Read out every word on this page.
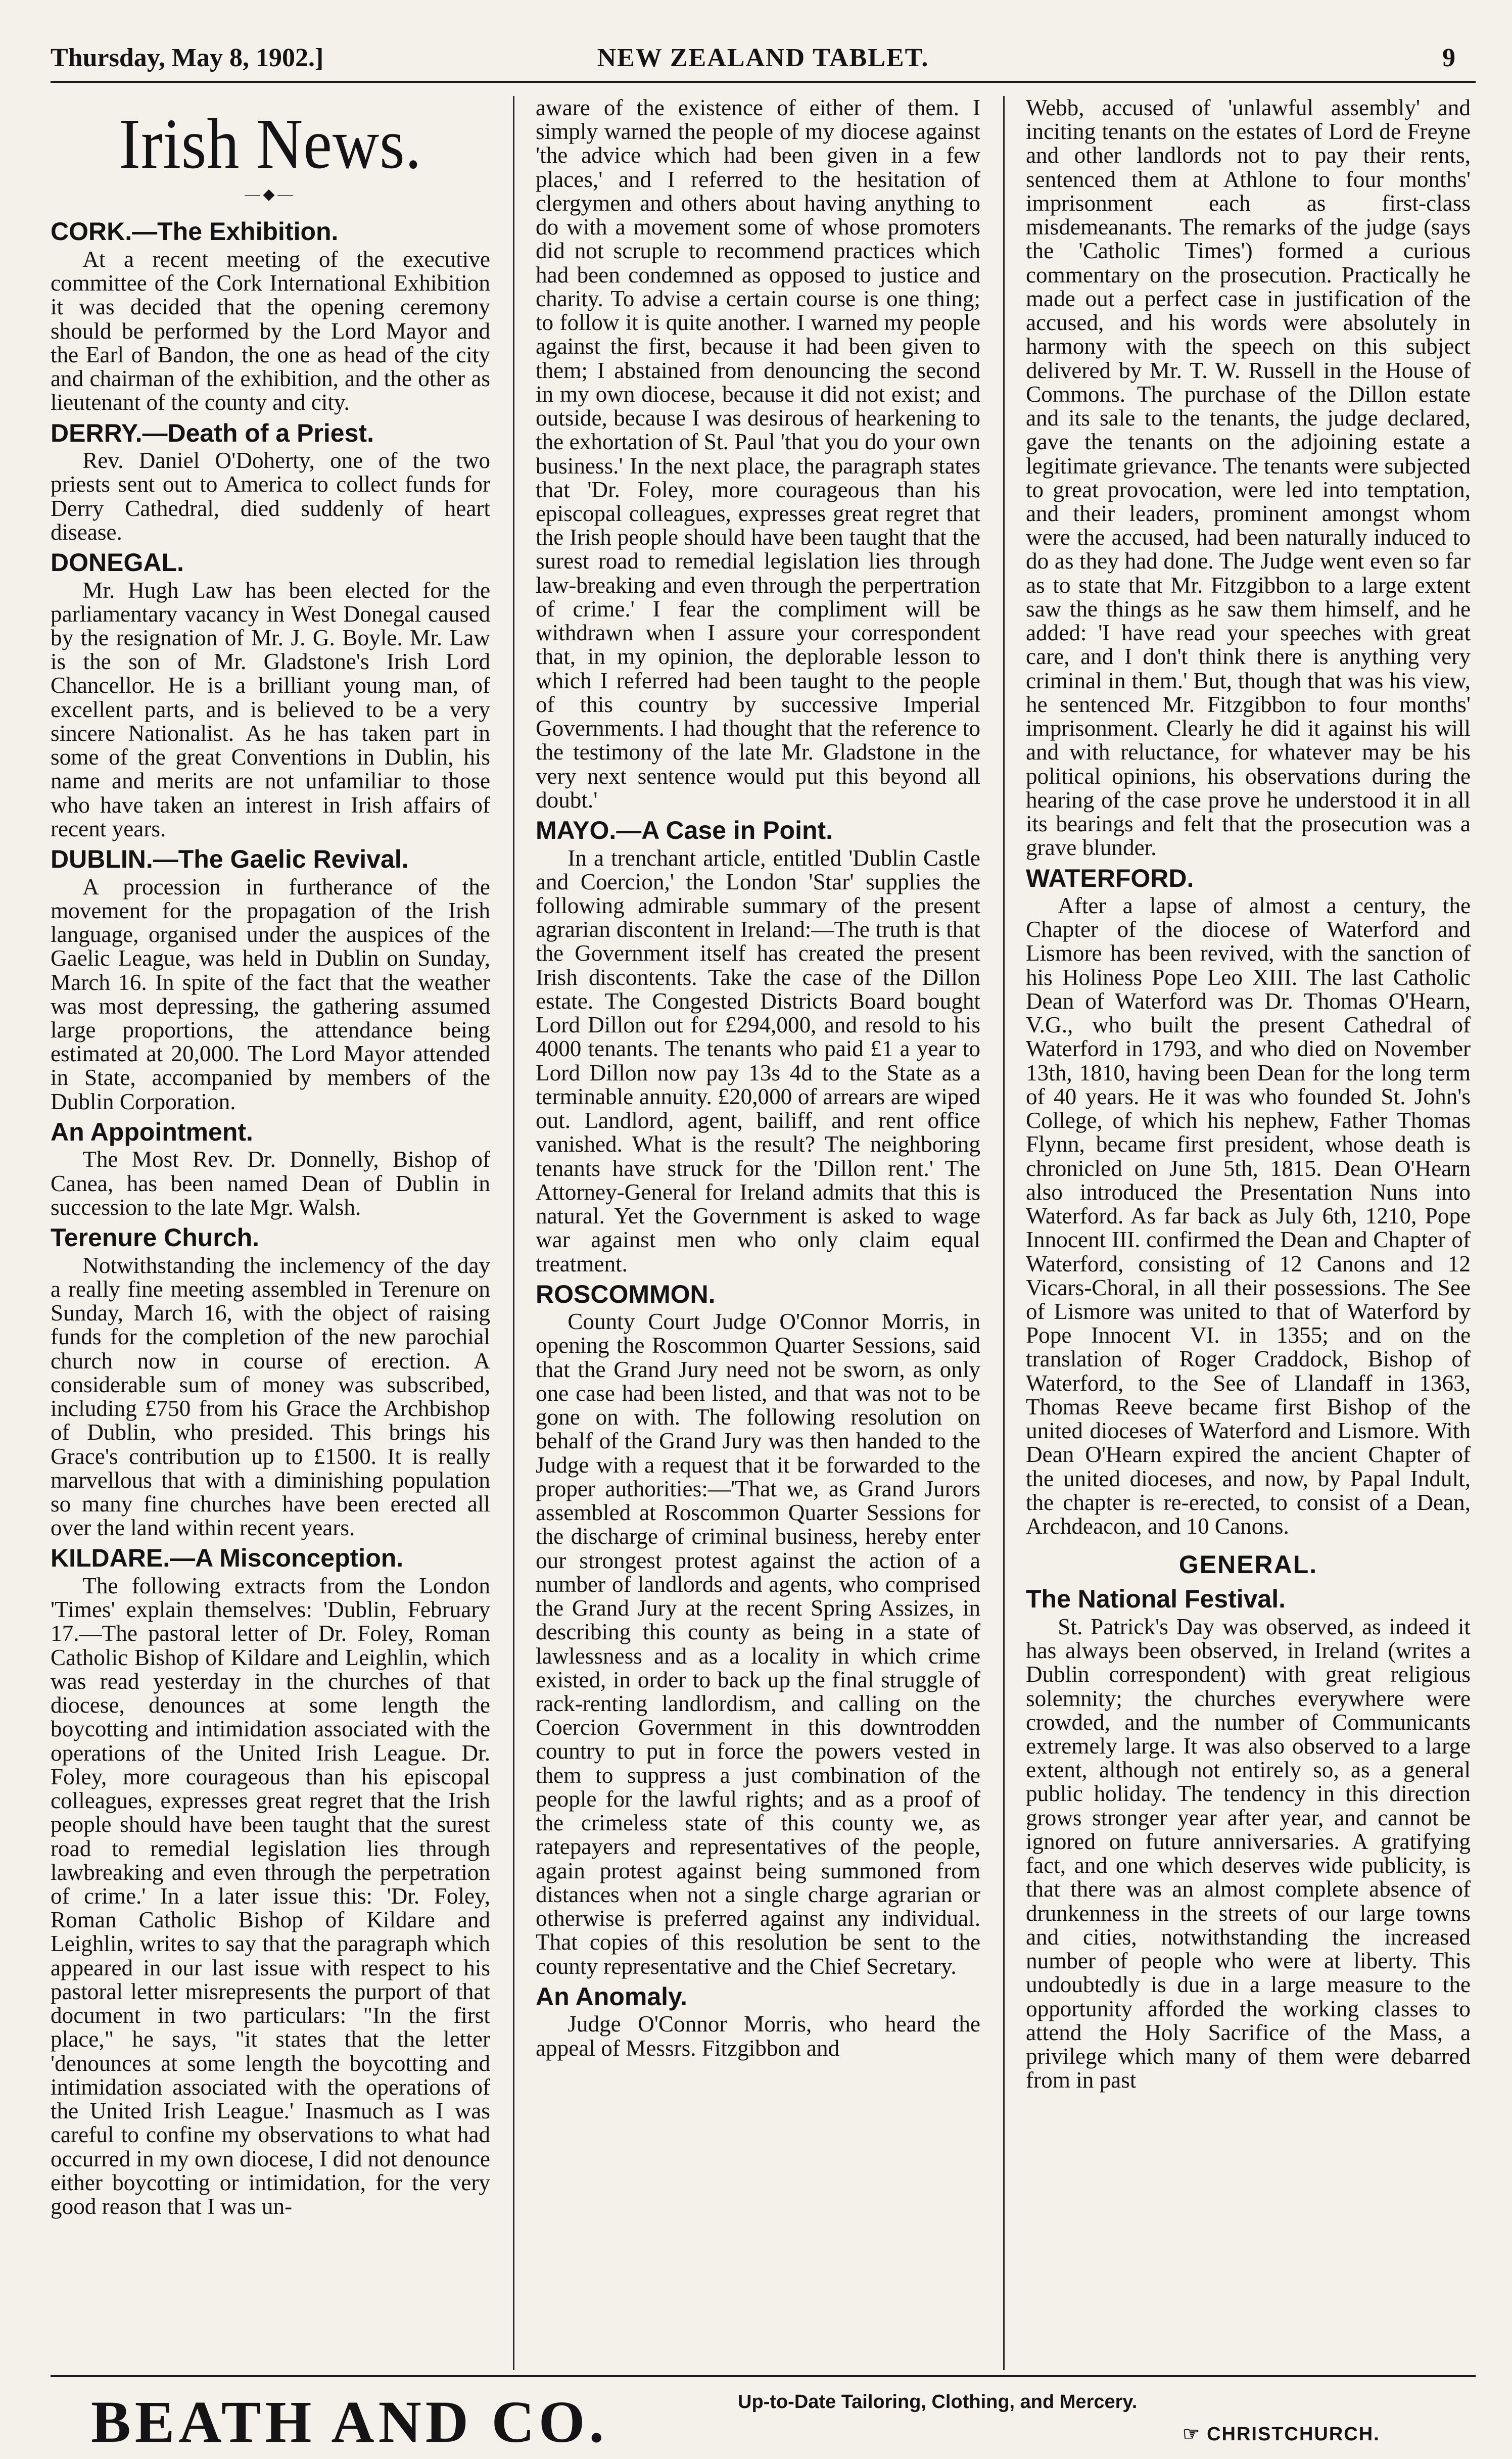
Thursday, May 8, 1902.]	NEW ZEALAND TABLET.	9
Irish News.
—◆—
CORK.—The Exhibition.

At a recent meeting of the executive committee of the Cork International Exhibition it was decided that the opening ceremony should be performed by the Lord Mayor and the Earl of Bandon, the one as head of the city and chairman of the exhibition, and the other as lieutenant of the county and city.

DERRY.—Death of a Priest.

Rev. Daniel O'Doherty, one of the two priests sent out to America to collect funds for Derry Cathedral, died suddenly of heart disease.

DONEGAL.

Mr. Hugh Law has been elected for the parliamentary vacancy in West Donegal caused by the resignation of Mr. J. G. Boyle. Mr. Law is the son of Mr. Gladstone's Irish Lord Chancellor. He is a brilliant young man, of excellent parts, and is believed to be a very sincere Nationalist. As he has taken part in some of the great Conventions in Dublin, his name and merits are not unfamiliar to those who have taken an interest in Irish affairs of recent years.

DUBLIN.—The Gaelic Revival.

A procession in furtherance of the movement for the propagation of the Irish language, organised under the auspices of the Gaelic League, was held in Dublin on Sunday, March 16. In spite of the fact that the weather was most depressing, the gathering assumed large proportions, the attendance being estimated at 20,000. The Lord Mayor attended in State, accompanied by members of the Dublin Corporation.

An Appointment.

The Most Rev. Dr. Donnelly, Bishop of Canea, has been named Dean of Dublin in succession to the late Mgr. Walsh.

Terenure Church.

Notwithstanding the inclemency of the day a really fine meeting assembled in Terenure on Sunday, March 16, with the object of raising funds for the completion of the new parochial church now in course of erection. A considerable sum of money was subscribed, including £750 from his Grace the Archbishop of Dublin, who presided. This brings his Grace's contribution up to £1500. It is really marvellous that with a diminishing population so many fine churches have been erected all over the land within recent years.

KILDARE.—A Misconception.

The following extracts from the London 'Times' explain themselves: 'Dublin, February 17.—The pastoral letter of Dr. Foley, Roman Catholic Bishop of Kildare and Leighlin, which was read yesterday in the churches of that diocese, denounces at some length the boycotting and intimidation associated with the operations of the United Irish League. Dr. Foley, more courageous than his episcopal colleagues, expresses great regret that the Irish people should have been taught that the surest road to remedial legislation lies through lawbreaking and even through the perpetration of crime.' In a later issue this: 'Dr. Foley, Roman Catholic Bishop of Kildare and Leighlin, writes to say that the paragraph which appeared in our last issue with respect to his pastoral letter misrepresents the purport of that document in two particulars: "In the first place," he says, "it states that the letter 'denounces at some length the boycotting and intimidation associated with the operations of the United Irish League.' Inasmuch as I was careful to confine my observations to what had occurred in my own diocese, I did not denounce either boycotting or intimidation, for the very good reason that I was un-

aware of the existence of either of them. I simply warned the people of my diocese against 'the advice which had been given in a few places,' and I referred to the hesitation of clergymen and others about having anything to do with a movement some of whose promoters did not scruple to recommend practices which had been condemned as opposed to justice and charity. To advise a certain course is one thing; to follow it is quite another. I warned my people against the first, because it had been given to them; I abstained from denouncing the second in my own diocese, because it did not exist; and outside, because I was desirous of hearkening to the exhortation of St. Paul 'that you do your own business.' In the next place, the paragraph states that 'Dr. Foley, more courageous than his episcopal colleagues, expresses great regret that the Irish people should have been taught that the surest road to remedial legislation lies through law-breaking and even through the perpertration of crime.' I fear the compliment will be withdrawn when I assure your correspondent that, in my opinion, the deplorable lesson to which I referred had been taught to the people of this country by successive Imperial Governments. I had thought that the reference to the testimony of the late Mr. Gladstone in the very next sentence would put this beyond all doubt.'

MAYO.—A Case in Point.

In a trenchant article, entitled 'Dublin Castle and Coercion,' the London 'Star' supplies the following admirable summary of the present agrarian discontent in Ireland:—The truth is that the Government itself has created the present Irish discontents. Take the case of the Dillon estate. The Congested Districts Board bought Lord Dillon out for £294,000, and resold to his 4000 tenants. The tenants who paid £1 a year to Lord Dillon now pay 13s 4d to the State as a terminable annuity. £20,000 of arrears are wiped out. Landlord, agent, bailiff, and rent office vanished. What is the result? The neighboring tenants have struck for the 'Dillon rent.' The Attorney-General for Ireland admits that this is natural. Yet the Government is asked to wage war against men who only claim equal treatment.

ROSCOMMON.

County Court Judge O'Connor Morris, in opening the Roscommon Quarter Sessions, said that the Grand Jury need not be sworn, as only one case had been listed, and that was not to be gone on with. The following resolution on behalf of the Grand Jury was then handed to the Judge with a request that it be forwarded to the proper authorities:—'That we, as Grand Jurors assembled at Roscommon Quarter Sessions for the discharge of criminal business, hereby enter our strongest protest against the action of a number of landlords and agents, who comprised the Grand Jury at the recent Spring Assizes, in describing this county as being in a state of lawlessness and as a locality in which crime existed, in order to back up the final struggle of rack-renting landlordism, and calling on the Coercion Government in this downtrodden country to put in force the powers vested in them to suppress a just combination of the people for the lawful rights; and as a proof of the crimeless state of this county we, as ratepayers and representatives of the people, again protest against being summoned from distances when not a single charge agrarian or otherwise is preferred against any individual. That copies of this resolution be sent to the county representative and the Chief Secretary.

An Anomaly.

Judge O'Connor Morris, who heard the appeal of Messrs. Fitzgibbon and

Webb, accused of 'unlawful assembly' and inciting tenants on the estates of Lord de Freyne and other landlords not to pay their rents, sentenced them at Athlone to four months' imprisonment each as first-class misdemeanants. The remarks of the judge (says the 'Catholic Times') formed a curious commentary on the prosecution. Practically he made out a perfect case in justification of the accused, and his words were absolutely in harmony with the speech on this subject delivered by Mr. T. W. Russell in the House of Commons. The purchase of the Dillon estate and its sale to the tenants, the judge declared, gave the tenants on the adjoining estate a legitimate grievance. The tenants were subjected to great provocation, were led into temptation, and their leaders, prominent amongst whom were the accused, had been naturally induced to do as they had done. The Judge went even so far as to state that Mr. Fitzgibbon to a large extent saw the things as he saw them himself, and he added: 'I have read your speeches with great care, and I don't think there is anything very criminal in them.' But, though that was his view, he sentenced Mr. Fitzgibbon to four months' imprisonment. Clearly he did it against his will and with reluctance, for whatever may be his political opinions, his observations during the hearing of the case prove he understood it in all its bearings and felt that the prosecution was a grave blunder.

WATERFORD.

After a lapse of almost a century, the Chapter of the diocese of Waterford and Lismore has been revived, with the sanction of his Holiness Pope Leo XIII. The last Catholic Dean of Waterford was Dr. Thomas O'Hearn, V.G., who built the present Cathedral of Waterford in 1793, and who died on November 13th, 1810, having been Dean for the long term of 40 years. He it was who founded St. John's College, of which his nephew, Father Thomas Flynn, became first president, whose death is chronicled on June 5th, 1815. Dean O'Hearn also introduced the Presentation Nuns into Waterford. As far back as July 6th, 1210, Pope Innocent III. confirmed the Dean and Chapter of Waterford, consisting of 12 Canons and 12 Vicars-Choral, in all their possessions. The See of Lismore was united to that of Waterford by Pope Innocent VI. in 1355; and on the translation of Roger Craddock, Bishop of Waterford, to the See of Llandaff in 1363, Thomas Reeve became first Bishop of the united dioceses of Waterford and Lismore. With Dean O'Hearn expired the ancient Chapter of the united dioceses, and now, by Papal Indult, the chapter is re-erected, to consist of a Dean, Archdeacon, and 10 Canons.

GENERAL.
The National Festival.

St. Patrick's Day was observed, as indeed it has always been observed, in Ireland (writes a Dublin correspondent) with great religious solemnity; the churches everywhere were crowded, and the number of Communicants extremely large. It was also observed to a large extent, although not entirely so, as a general public holiday. The tendency in this direction grows stronger year after year, and cannot be ignored on future anniversaries. A gratifying fact, and one which deserves wide publicity, is that there was an almost complete absence of drunkenness in the streets of our large towns and cities, notwithstanding the increased number of people who were at liberty. This undoubtedly is due in a large measure to the opportunity afforded the working classes to attend the Holy Sacrifice of the Mass, a privilege which many of them were debarred from in past

BEATH AND CO.	Up-to-Date Tailoring, Clothing, and Mercery.
☞ CHRISTCHURCH.
